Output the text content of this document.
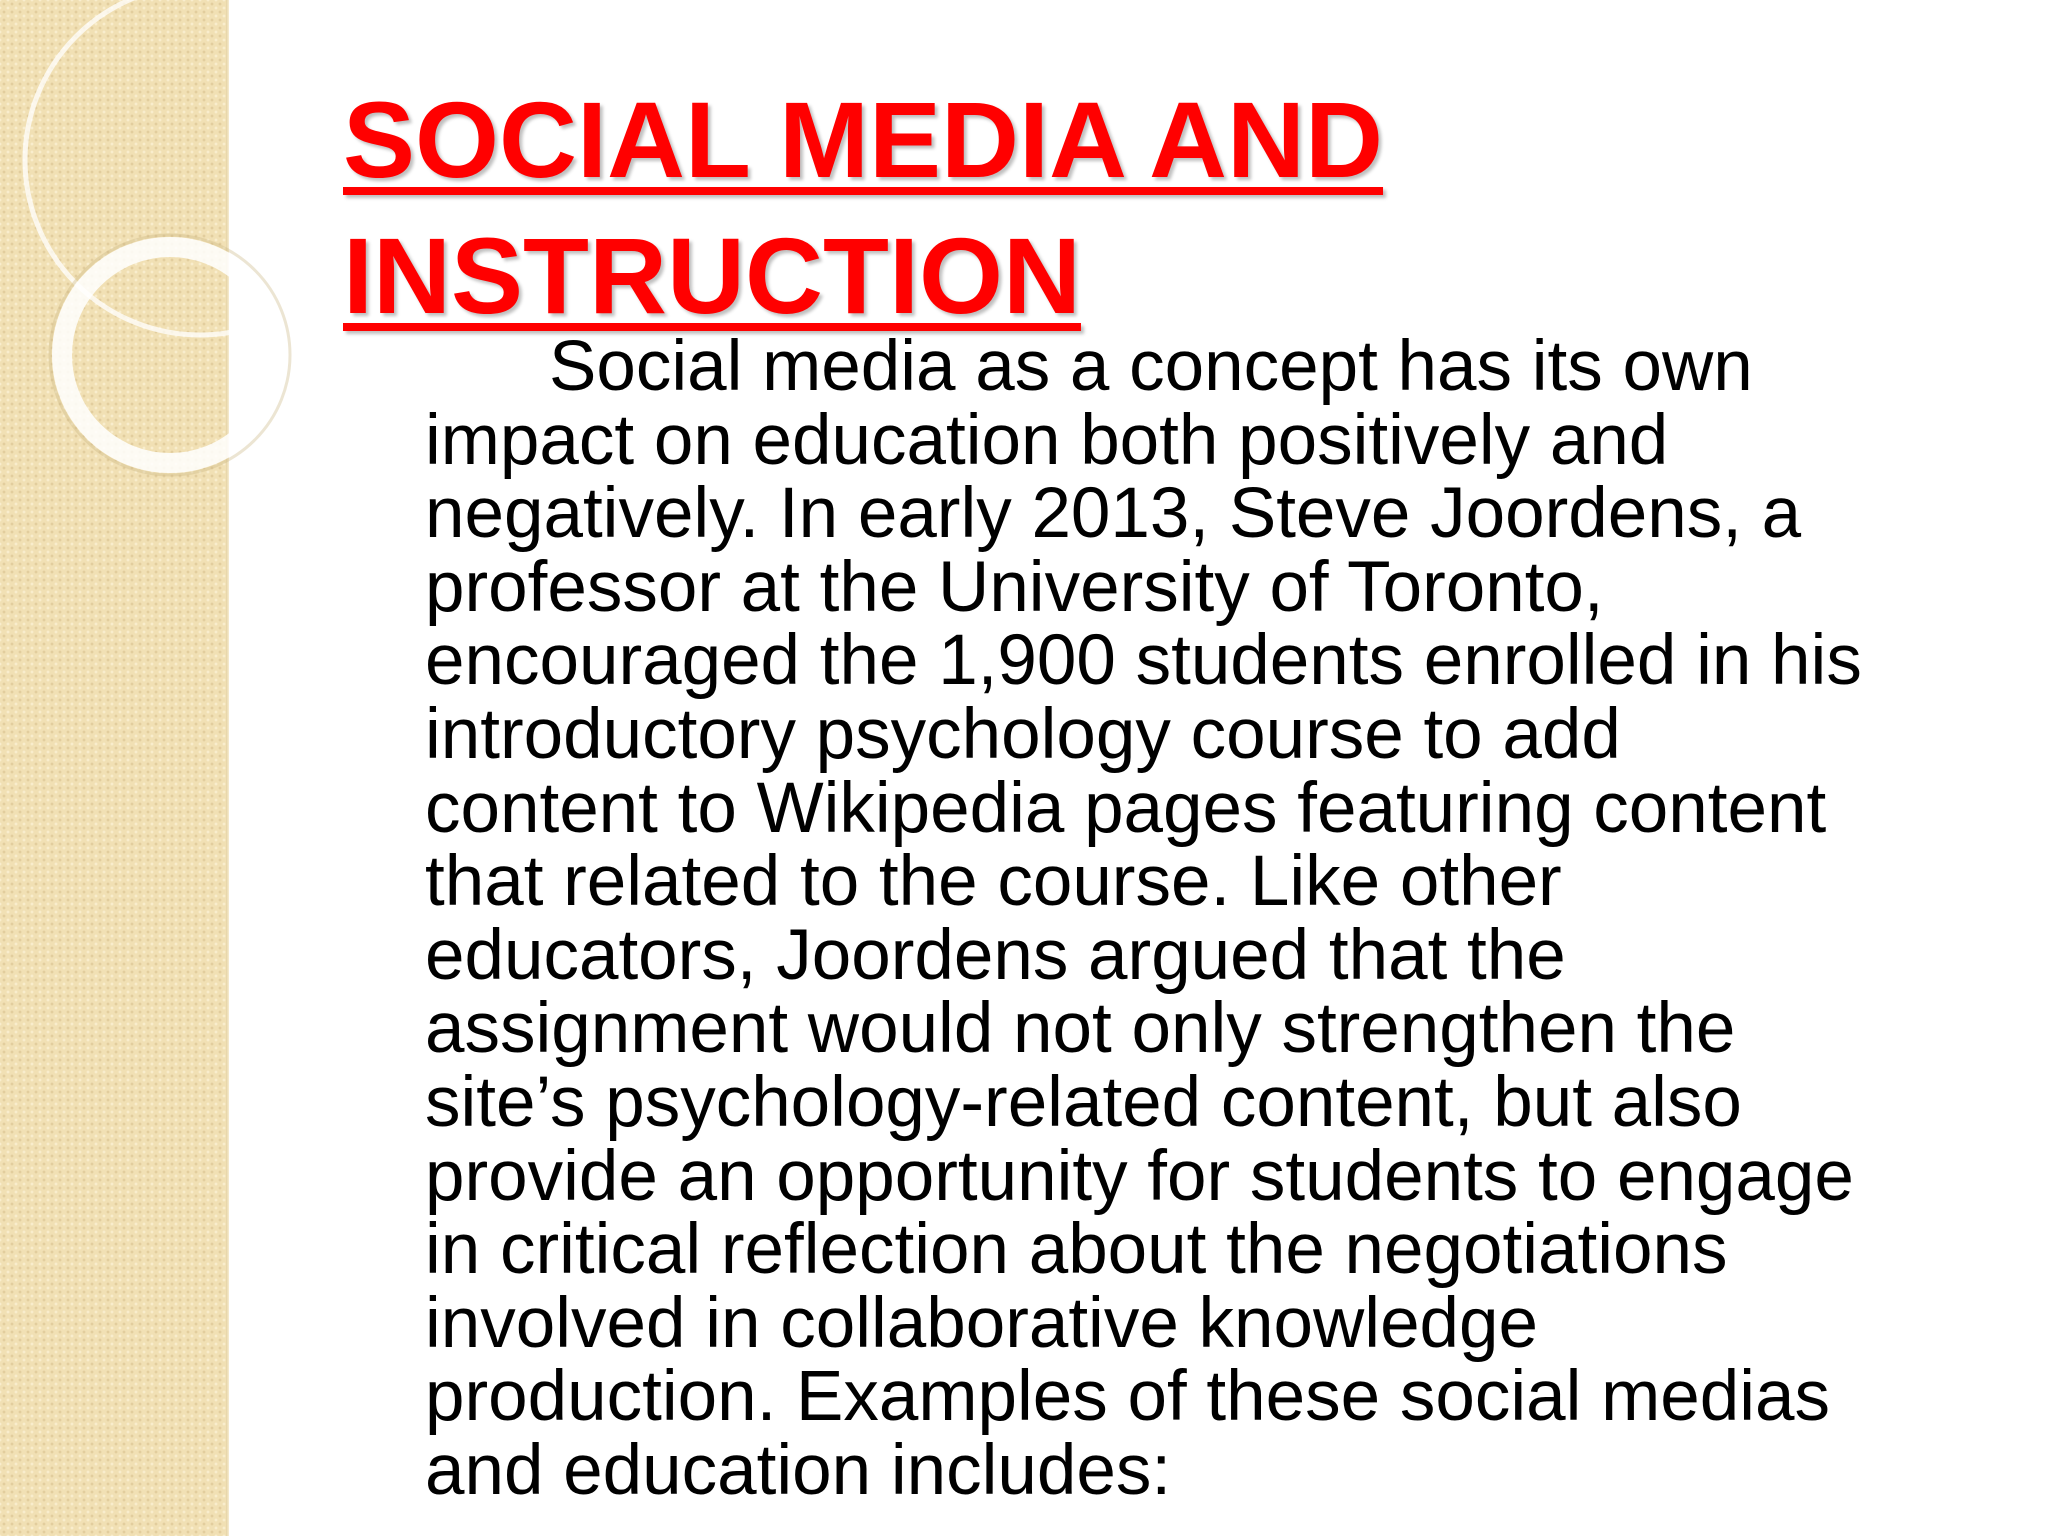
SOCIAL MEDIA AND
INSTRUCTION
Social media as a concept has its own
impact on education both positively and
negatively. In early 2013, Steve Joordens, a
professor at the University of Toronto,
encouraged the 1,900 students enrolled in his
introductory psychology course to add
content to Wikipedia pages featuring content
that related to the course. Like other
educators, Joordens argued that the
assignment would not only strengthen the
site’s psychology-related content, but also
provide an opportunity for students to engage
in critical reflection about the negotiations
involved in collaborative knowledge
production. Examples of these social medias
and education includes:
